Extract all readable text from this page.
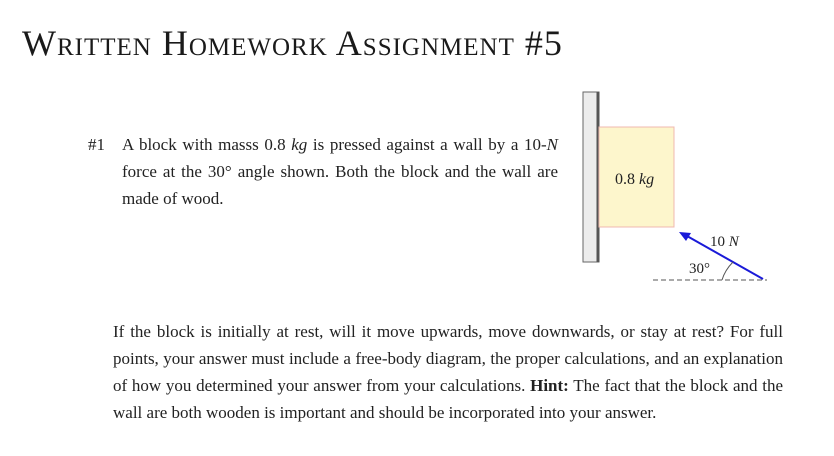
Written Homework Assignment #5
#1	A block with masss 0.8 kg is pressed against a wall by a 10-N force at the 30° angle shown. Both the block and the wall are made of wood.
0.8 kg
30°
10 N
If the block is initially at rest, will it move upwards, move downwards, or stay at rest? For full points, your answer must include a free-body diagram, the proper calculations, and an explanation of how you determined your answer from your calculations. Hint: The fact that the block and the wall are both wooden is important and should be incorporated into your answer.
